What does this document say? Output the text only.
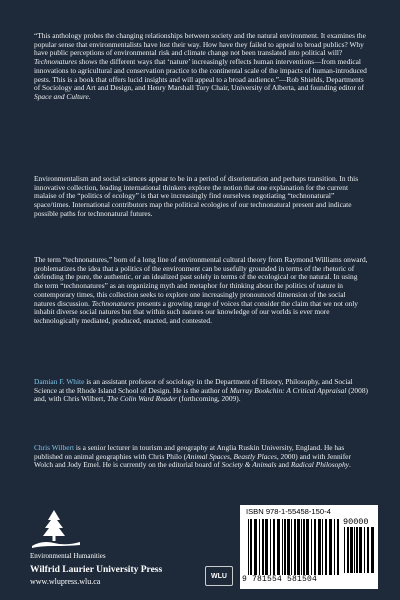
“This anthology probes the changing relationships between society and the natural environment. It examines the popular sense that environmentalists have lost their way. How have they failed to appeal to broad publics? Why have public perceptions of environmental risk and climate change not been translated into political will? Technonatures shows the different ways that ‘nature’ increasingly reflects human interventions—from medical innovations to agricultural and conservation practice to the continental scale of the impacts of human-introduced pests. This is a book that offers lucid insights and will appeal to a broad audience.”—Rob Shields, Departments of Sociology and Art and Design, and Henry Marshall Tory Chair, University of Alberta, and founding editor of Space and Culture.
Environmentalism and social sciences appear to be in a period of disorientation and perhaps transition. In this innovative collection, leading international thinkers explore the notion that one explanation for the current malaise of the “politics of ecology” is that we increasingly find ourselves negotiating “technonatural” space/times. International contributors map the political ecologies of our technonatural present and indicate possible paths for technonatural futures.
The term “technonatures,” born of a long line of environmental cultural theory from Raymond Williams onward, problematizes the idea that a politics of the environment can be usefully grounded in terms of the rhetoric of defending the pure, the authentic, or an idealized past solely in terms of the ecological or the natural. In using the term “technonatures” as an organizing myth and metaphor for thinking about the politics of nature in contemporary times, this collection seeks to explore one increasingly pronounced dimension of the social natures discussion. Technonatures presents a growing range of voices that consider the claim that we not only inhabit diverse social natures but that within such natures our knowledge of our worlds is ever more technologically mediated, produced, enacted, and contested.
Damian F. White is an assistant professor of sociology in the Department of History, Philosophy, and Social Science at the Rhode Island School of Design. He is the author of Murray Bookchin: A Critical Appraisal (2008) and, with Chris Wilbert, The Colin Ward Reader (forthcoming, 2009).
Chris Wilbert is a senior lecturer in tourism and geography at Anglia Ruskin University, England. He has published on animal geographies with Chris Philo (Animal Spaces, Beastly Places, 2000) and with Jennifer Wolch and Jody Emel. He is currently on the editorial board of Society & Animals and Radical Philosophy.
Environmental Humanities
Wilfrid Laurier University Press
www.wlupress.wlu.ca
WLU
ISBN 978-1-55458-150-4
90000
9 781554 581504
